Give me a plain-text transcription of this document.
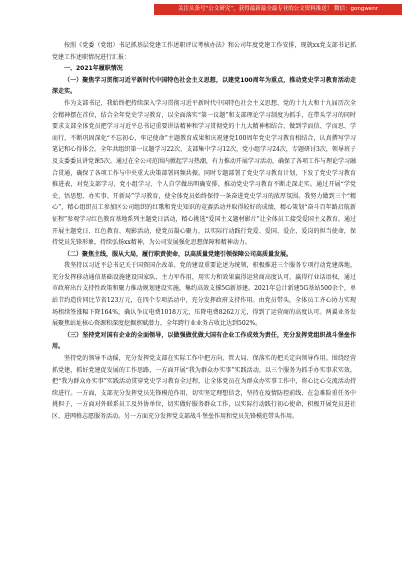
关注头条号“公文研究”，获得最新最全最专业的公文资料推送！ 微信：gongwenr

按照《党委（党组）书记抓基层党建工作述职评议考核办法》和公司年度党建工作安排，现就xx党支部书记抓党建工作述职情况进行汇报：

一、2021年履职情况

（一）聚焦学习贯彻习近平新时代中国特色社会主义思想，以建党100周年为重点，推动党史学习教育活动走深走实。

作为支部书记，我始终把持续深入学习贯彻习近平新时代中国特色社会主义思想、党的十九大和十九届历次全会精神摆在首位，结合全年党史学习教育，以全面落实“第一议题”和支部理论学习制度为抓手，在带头学习的同时要求支部全体党员把学习习近平总书记重要讲话精神和学习贯彻党的十九大精神相结合，做到学而信、学而思、学而行，不断巩固深化“不忘初心，牢记使命”主题教育成果和庆祝建党100周年党史学习教育相结合，认真撰写学习笔记和心得体会。全年共组织第一议题学习22次，支部集中学习12次，党小组学习24次，专题研讨3次，领导班子及支委委员讲党课5次。通过在全公司范围内掀起学习热潮，有力推动开展学习活动，确保了各项工作与理论学习融合贯通，确保了各项工作与中央重大决策部署同频共振。同时专题部署了党史学习教育计划，下发了党史学习教育推进表，对党支部学习、党小组学习、个人自学做出明确安排，推动党史学习教育不断走深走实。通过开展“学党史、悟思想、办实事、开新局”学习教育，使全体党员始终保持一条奋进党史学习的浓厚氛围。我努力做到三个“精心”，精心组织员工参加区公司组织的红歌和党史知识的竞赛活动并取得较好的成绩，精心策划“奋斗百年路启航新征程”参观学习红色教育基地系列主题党日活动，精心挑选“爱国主义题材影片”让全体员工接受爱国主义教育。通过开展主题党日、红色教育、观影活动，使党员凝心聚力，以实际行动践行党爱、爱国、爱企，爱岗的担当使命，保持党员先锋形象，持续弘扬xx精神，为公司发展强化思想保障和精神动力。

（二）聚焦主线，服从大局，履行职责使命，以高质量党建引领保障公司高质量发展。

我坚持以习近平总书记关于国资国企改革、党的建设重要论述为统领，积极推进三个服务专项行动党建落地，充分发挥移动通信基础设施建设国家队、主力军作用，用实力和效果赢得运营商高度认可，赢得行业话语权，通过市政府出台支持性政策和聚力推动规划建设实施，集约高效支撑5G新基建。2021年总计新建5G基站500余个，单站节约造价同比节省123万元，在四个专项活动中，充分发挥政府支持作用。由党员带头，全体员工齐心协力实现场租续签涨幅下降164%，确认争议电费1018万元，压降电费8262万元，得到了运营商的高度认可。两翼业务发展聚焦站址核心资源和深度挖掘禀赋潜力，全年跨行业业务占收比达到502%。

（三）坚持党对国有企业的全面领导，以做强做优做大国有企业工作成效为责任，充分发挥党组织战斗堡垒作用。

坚持党的领导不动摇，充分发挥党支部在实际工作中把方向、管大局、保落实的把关定向领导作用。围绕经营抓党建，抓好党建促发展的工作思路，一方面开展“我为群众办实事”实践活动，以三个服务为抓手办实事求实效，把“我为群众办实事”实践活动贯穿党史学习教育全过程，让全体党员在为群众办实事工作中，将心比心交流活动持续进行。一方面，支部充分发挥党员先锋模范作用，切实坚定理想信念，坚持在疫情防控前线、在急难险重任务中挑担子，一方面对外联系员工及外协单位，切实做好服务群众工作，以实际行动践行初心使命，积极开展党员进社区、进网格志愿服务活动。另一方面充分发挥党支部战斗堡垒作用和党员先锋模范带头作用。
